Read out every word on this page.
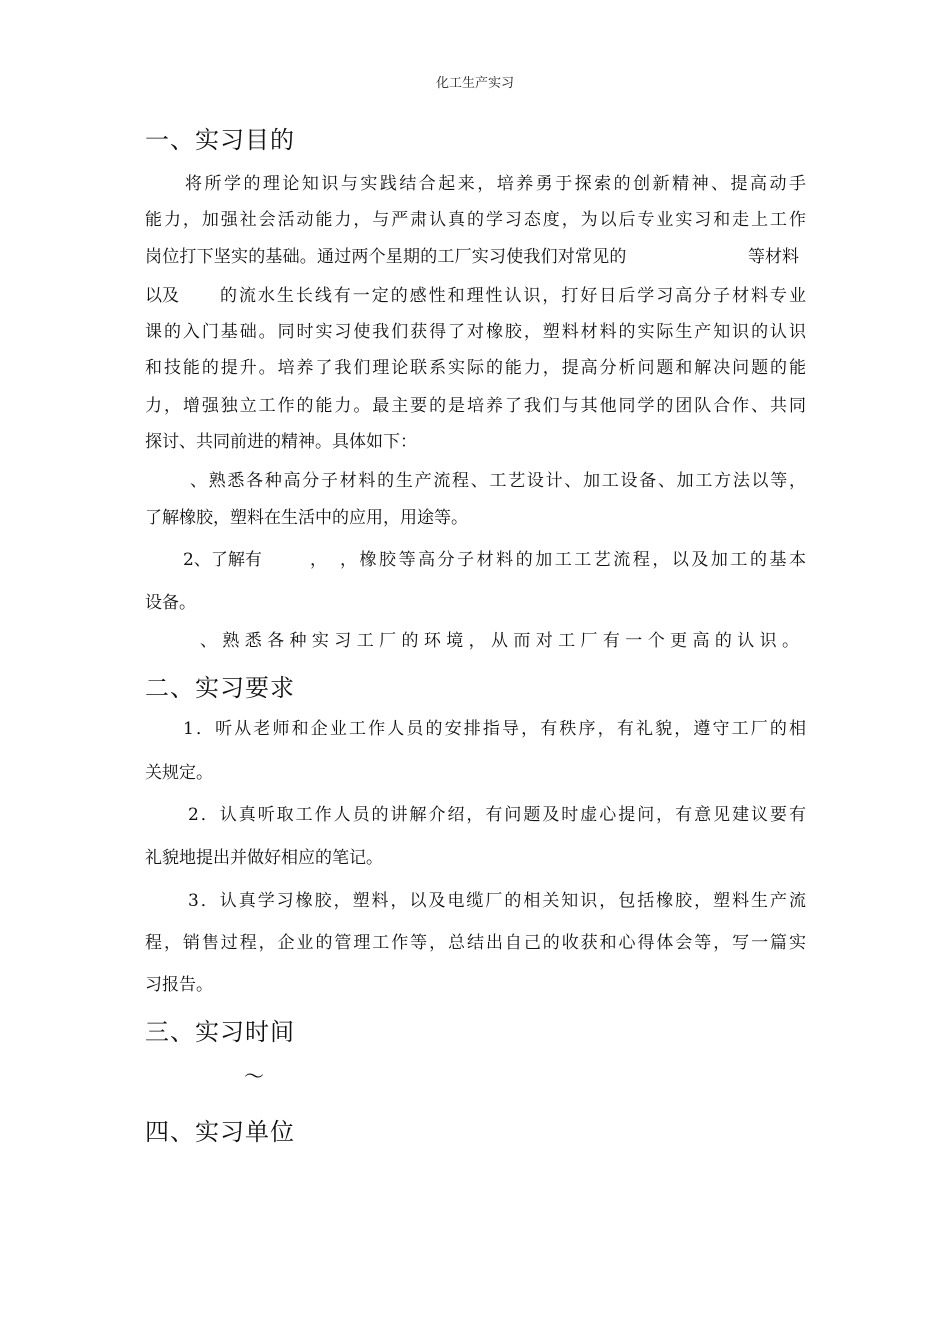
化工生产实习
一、实习目的
将所学的理论知识与实践结合起来，培养勇于探索的创新精神、提高动手
能力，加强社会活动能力，与严肃认真的学习态度，为以后专业实习和走上工作
岗位打下坚实的基础。通过两个星期的工厂实习使我们对常见的	等材料
以及 的流水生长线有一定的感性和理性认识，打好日后学习高分子材料专业
课的入门基础。同时实习使我们获得了对橡胶，塑料材料的实际生产知识的认识
和技能的提升。培养了我们理论联系实际的能力，提高分析问题和解决问题的能
力，增强独立工作的能力。最主要的是培养了我们与其他同学的团队合作、共同
探讨、共同前进的精神。具体如下：
、熟悉各种高分子材料的生产流程、工艺设计、加工设备、加工方法以等，
了解橡胶，塑料在生活中的应用，用途等。
2、了解有	， ，橡胶等高分子材料的加工工艺流程，以及加工的基本
设备。
、熟悉各种实习工厂的环境，从而对工厂有一个更高的认识。
二、实习要求
1．听从老师和企业工作人员的安排指导，有秩序，有礼貌，遵守工厂的相
关规定。
2．认真听取工作人员的讲解介绍，有问题及时虚心提问，有意见建议要有
礼貌地提出并做好相应的笔记。
3．认真学习橡胶，塑料，以及电缆厂的相关知识，包括橡胶，塑料生产流
程，销售过程，企业的管理工作等，总结出自己的收获和心得体会等，写一篇实
习报告。
三、实习时间
～
四、实习单位
